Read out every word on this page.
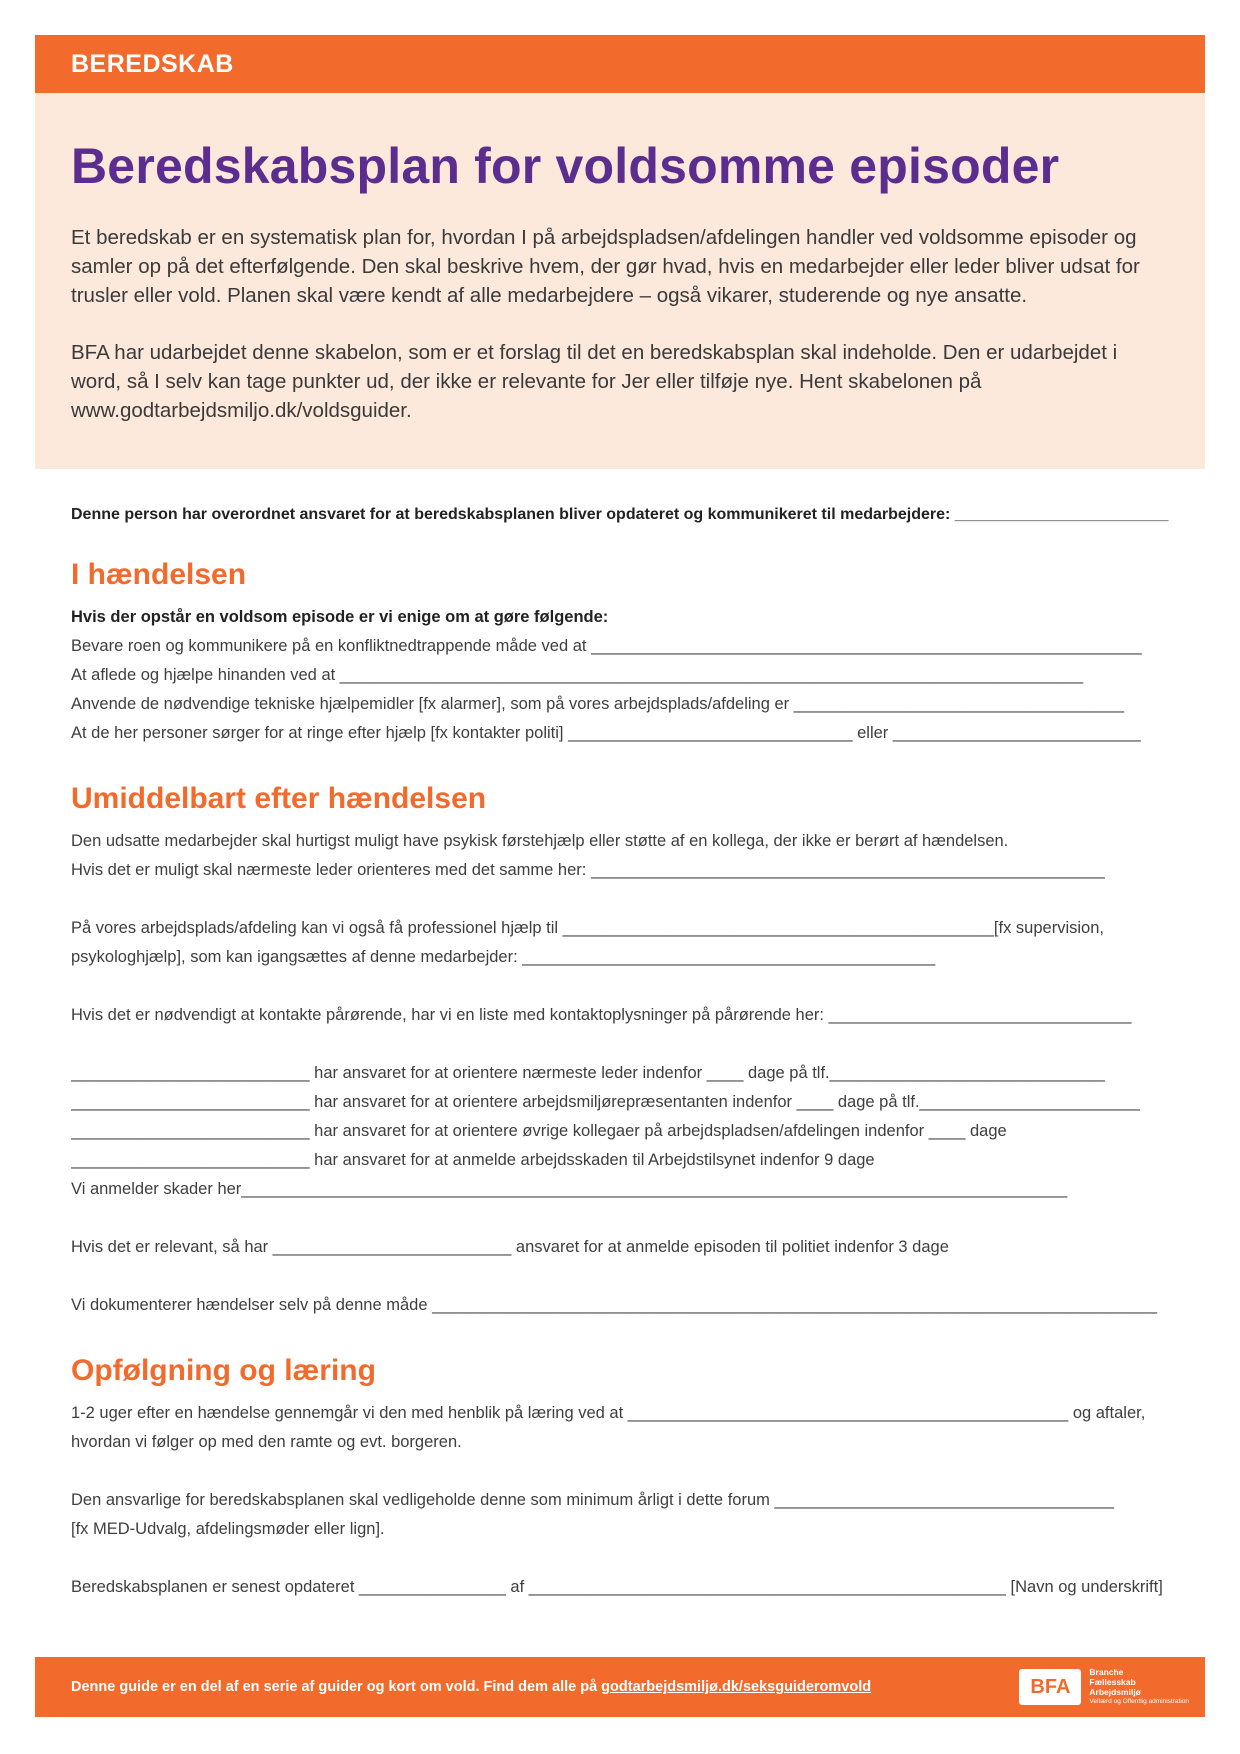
BEREDSKAB
Beredskabsplan for voldsomme episoder

Et beredskab er en systematisk plan for, hvordan I på arbejdspladsen/afdelingen handler ved voldsomme episoder og samler op på det efterfølgende. Den skal beskrive hvem, der gør hvad, hvis en medarbejder eller leder bliver udsat for trusler eller vold. Planen skal være kendt af alle medarbejdere – også vikarer, studerende og nye ansatte.

BFA har udarbejdet denne skabelon, som er et forslag til det en beredskabsplan skal indeholde. Den er udarbejdet i word, så I selv kan tage punkter ud, der ikke er relevante for Jer eller tilføje nye. Hent skabelonen på www.godtarbejdsmiljo.dk/voldsguider.

Denne person har overordnet ansvaret for at beredskabsplanen bliver opdateret og kommunikeret til medarbejdere: ________________________
I hændelsen
Hvis der opstår en voldsom episode er vi enige om at gøre følgende:
Bevare roen og kommunikere på en konfliktnedtrappende måde ved at ____________________________________________________________
At aflede og hjælpe hinanden ved at _________________________________________________________________________________
Anvende de nødvendige tekniske hjælpemidler [fx alarmer], som på vores arbejdsplads/afdeling er ____________________________________
At de her personer sørger for at ringe efter hjælp [fx kontakter politi] _______________________________ eller ___________________________
Umiddelbart efter hændelsen
Den udsatte medarbejder skal hurtigst muligt have psykisk førstehjælp eller støtte af en kollega, der ikke er berørt af hændelsen.
Hvis det er muligt skal nærmeste leder orienteres med det samme her: ________________________________________________________
På vores arbejdsplads/afdeling kan vi også få professionel hjælp til _______________________________________________[fx supervision,
psykologhjælp], som kan igangsættes af denne medarbejder: _____________________________________________
Hvis det er nødvendigt at kontakte pårørende, har vi en liste med kontaktoplysninger på pårørende her: _________________________________
__________________________ har ansvaret for at orientere nærmeste leder indenfor ____ dage på tlf.______________________________
__________________________ har ansvaret for at orientere arbejdsmiljørepræsentanten indenfor ____ dage på tlf.________________________
__________________________ har ansvaret for at orientere øvrige kollegaer på arbejdspladsen/afdelingen indenfor ____ dage
__________________________ har ansvaret for at anmelde arbejdsskaden til Arbejdstilsynet indenfor 9 dage
Vi anmelder skader her__________________________________________________________________________________________
Hvis det er relevant, så har __________________________ ansvaret for at anmelde episoden til politiet indenfor 3 dage
Vi dokumenterer hændelser selv på denne måde _______________________________________________________________________________
Opfølgning og læring
1-2 uger efter en hændelse gennemgår vi den med henblik på læring ved at ________________________________________________ og aftaler,
hvordan vi følger op med den ramte og evt. borgeren.
Den ansvarlige for beredskabsplanen skal vedligeholde denne som minimum årligt i dette forum _____________________________________
[fx MED-Udvalg, afdelingsmøder eller lign].
Beredskabsplanen er senest opdateret ________________ af ____________________________________________________ [Navn og underskrift]
Denne guide er en del af en serie af guider og kort om vold. Find dem alle på godtarbejdsmiljø.dk/seksguideromvold	BFA
Branche
Fællesskab
Arbejdsmiljø
Velfærd og Offentlig administration
